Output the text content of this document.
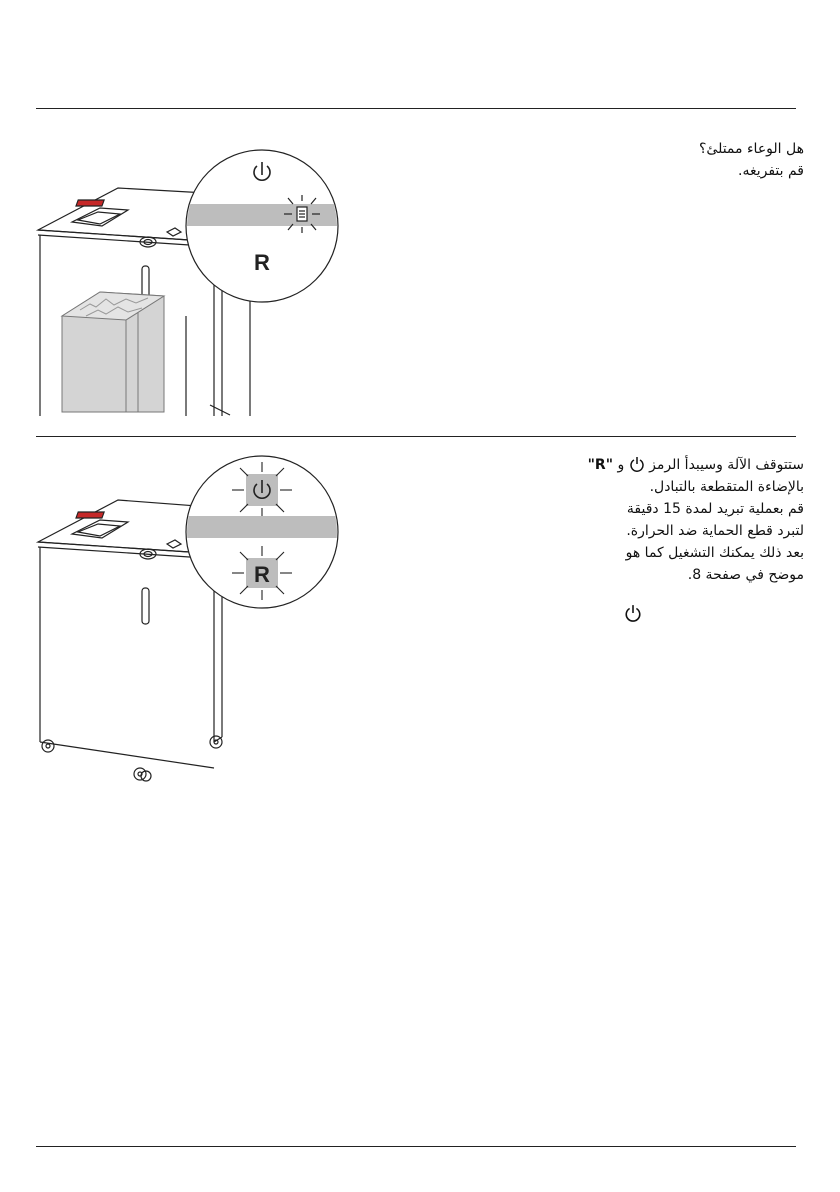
R
هل الوعاء ممتلئ؟
قم بتفريغه.
R
ستتوقف الآلة وسيبدأ الرمز  و "R"
بالإضاءة المتقطعة بالتبادل.
قم بعملية تبريد لمدة 15 دقيقة
لتبرد قطع الحماية ضد الحرارة.
بعد ذلك يمكنك التشغيل كما هو
موضح في صفحة 8.
